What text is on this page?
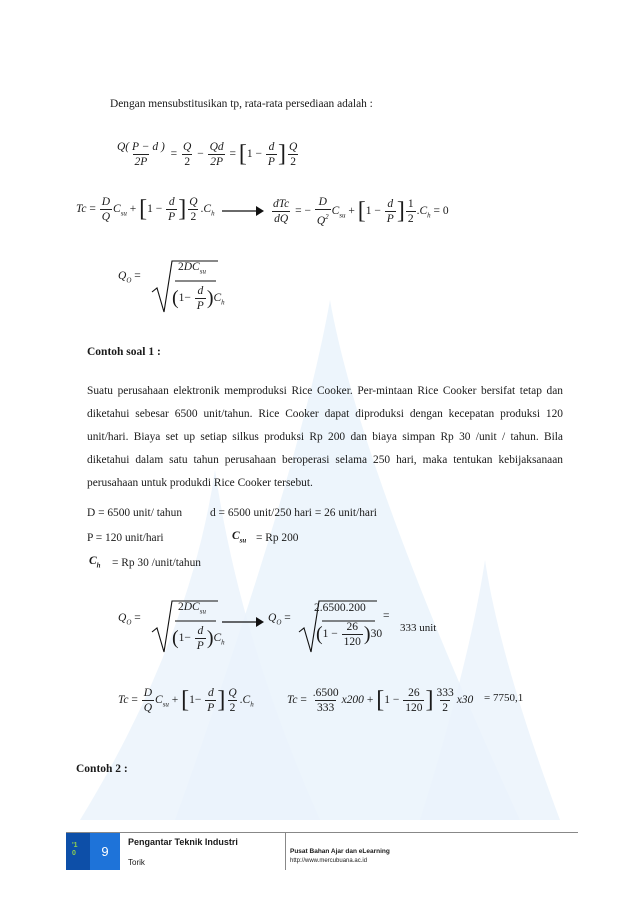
Dengan mensubstitusikan tp, rata-rata persediaan adalah :
$\frac{Q( P - d )}{2P} = \frac{Q}{2} - \frac{Qd}{2P} = [1 - \frac{d}{P}$ ] $\frac{Q}{2}$
$Tc = \frac{D}{Q} C_{su} + [1 - \frac{d}{P}$ ] $\frac{Q}{2} .C_h$	$\frac{\text{dTc}}{dQ}$ = − $\frac{D}{Q^2} C_{su} + [1 - \frac{d}{P}$ ] $\frac{1}{2} .C_h = 0$
$Q_O$ =
$2DC_{su}$
$(1- \frac{d}{P} )C_h$
Contoh soal 1 :
Suatu perusahaan elektronik memproduksi Rice Cooker. Per-mintaan Rice Cooker bersifat tetap dan diketahui sebesar 6500 unit/tahun. Rice Cooker dapat diproduksi dengan kecepatan produksi 120 unit/hari. Biaya set up setiap silkus produksi Rp 200 dan biaya simpan Rp 30 /unit / tahun. Bila diketahui dalam satu tahun perusahaan beroperasi selama 250 hari, maka tentukan kebijaksanaan perusahaan untuk produkdi Rice Cooker tersebut.
D = 6500 unit/ tahun d = 6500 unit/250 hari = 26 unit/hari
P = 120 unit/hari	$C_{su} = Rp$ 200
$C_h = Rp$ 30 /unit/tahun
$Q_O$ =
$2DC_{su}$
$(1- \frac{d}{P} )C_h$
$Q_O$ =
2.6500.200
$(1 - \frac{26}{120} )30$
=
333 unit
$Tc = \frac{D}{Q} C_{su} + [1- \frac{d}{P}$ ] $\frac{Q}{2} .C_h$	$Tc = \frac{.6500}{333} x200 + [1 - \frac{26}{120}$ ] $\frac{333}{2} x30 = 7750,1$
Contoh 2 :
'1
0	9
Pengantar Teknik Industri
Torik
Pusat Bahan Ajar dan eLearning
http://www.mercubuana.ac.id
